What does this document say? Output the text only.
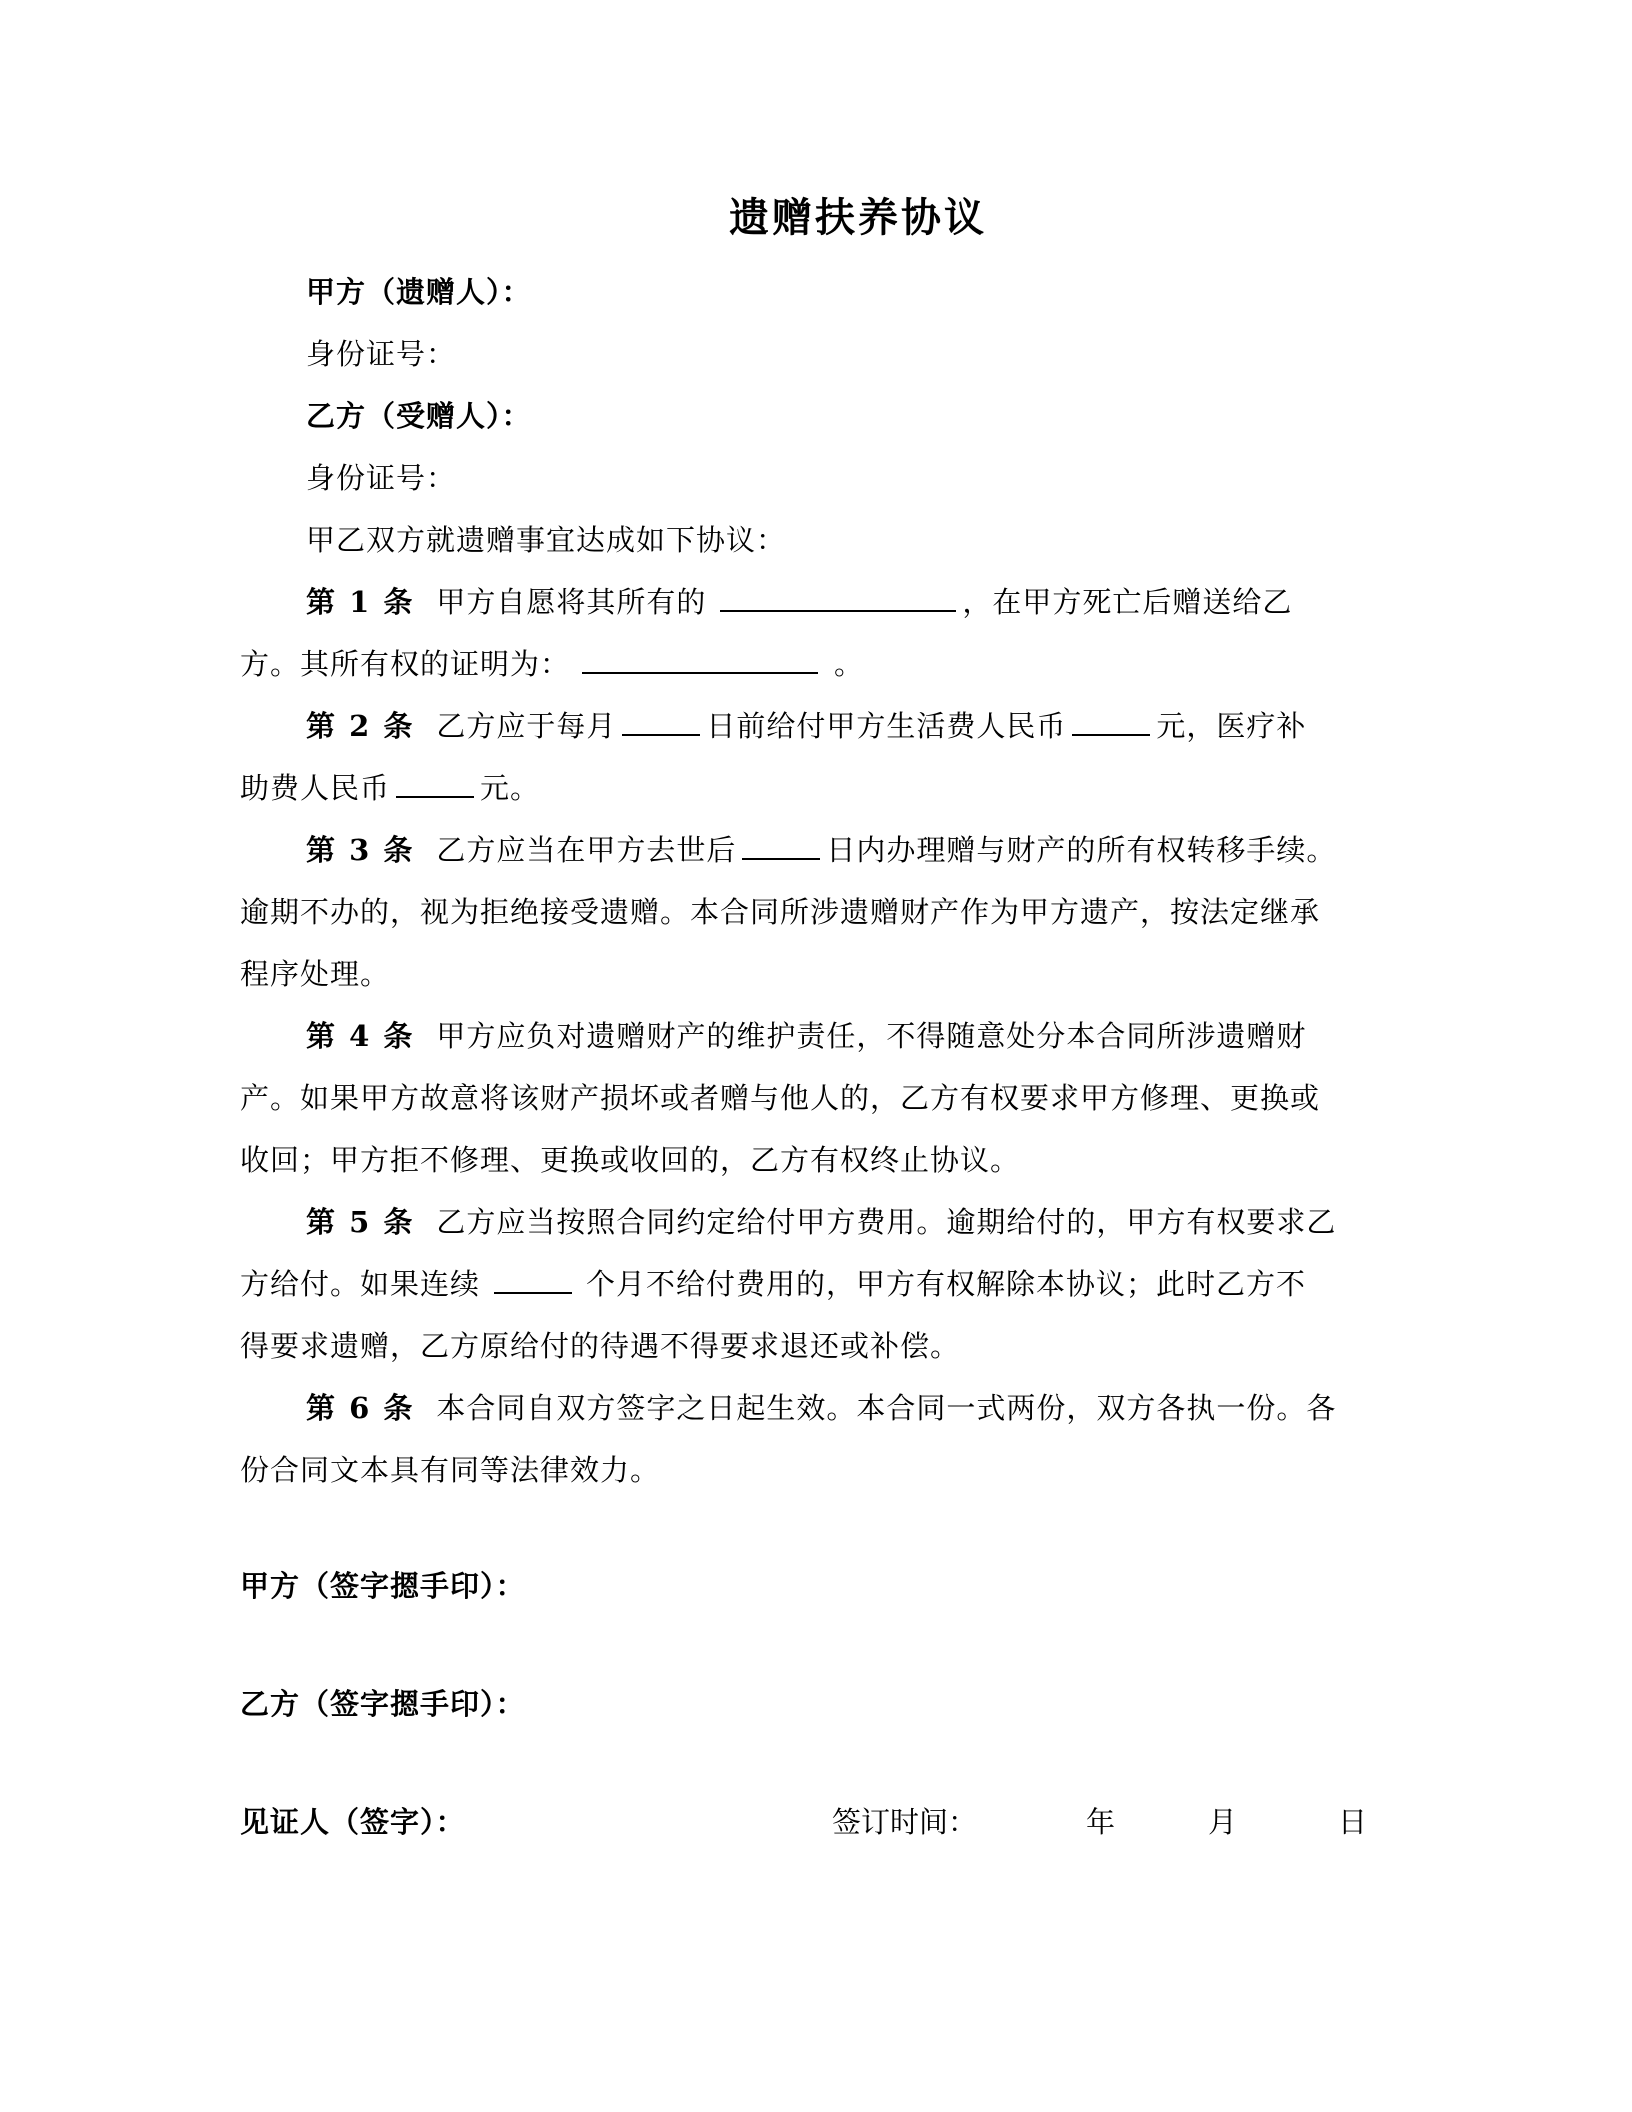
遗赠扶养协议
甲方（遗赠人）：
身份证号：
乙方（受赠人）：
身份证号：
甲乙双方就遗赠事宜达成如下协议：
第 1 条 甲方自愿将其所有的	，在甲方死亡后赠送给乙
方。其所有权的证明为：	。
第 2 条 乙方应于每月	日前给付甲方生活费人民币	元，医疗补
助费人民币	元。
第 3 条 乙方应当在甲方去世后	日内办理赠与财产的所有权转移手续。
逾期不办的，视为拒绝接受遗赠。本合同所涉遗赠财产作为甲方遗产，按法定继承
程序处理。
第 4 条 甲方应负对遗赠财产的维护责任，不得随意处分本合同所涉遗赠财
产。如果甲方故意将该财产损坏或者赠与他人的，乙方有权要求甲方修理、更换或
收回；甲方拒不修理、更换或收回的，乙方有权终止协议。
第 5 条 乙方应当按照合同约定给付甲方费用。逾期给付的，甲方有权要求乙
方给付。如果连续	个月不给付费用的，甲方有权解除本协议；此时乙方不
得要求遗赠，乙方原给付的待遇不得要求退还或补偿。
第 6 条 本合同自双方签字之日起生效。本合同一式两份，双方各执一份。各
份合同文本具有同等法律效力。
甲方（签字摁手印）：
乙方（签字摁手印）：
见证人（签字）：	签订时间：	年	月	日
